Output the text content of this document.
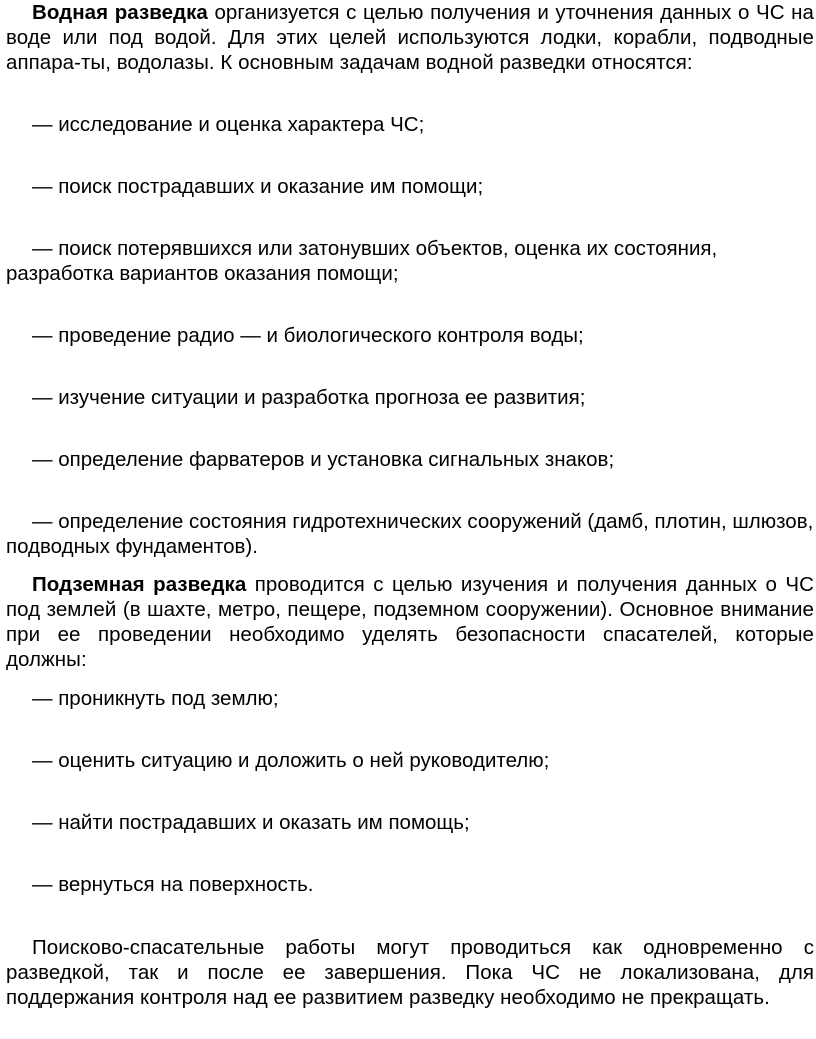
Водная разведка организуется с целью получения и уточнения данных о ЧС на воде или под водой. Для этих целей используются лодки, корабли, подводные аппара-ты, водолазы. К основным задачам водной разведки относятся:

— исследование и оценка характера ЧС;

— поиск пострадавших и оказание им помощи;

— поиск потерявшихся или затонувших объектов, оценка их состояния, разработка вариантов оказания помощи;

— проведение радио — и биологического контроля воды;

— изучение ситуации и разработка прогноза ее развития;

— определение фарватеров и установка сигнальных знаков;

— определение состояния гидротехнических сооружений (дамб, плотин, шлюзов, подводных фундаментов).

Подземная разведка проводится с целью изучения и получения данных о ЧС под землей (в шахте, метро, пещере, подземном сооружении). Основное внимание при ее проведении необходимо уделять безопасности спасателей, которые должны:

— проникнуть под землю;

— оценить ситуацию и доложить о ней руководителю;

— найти пострадавших и оказать им помощь;

— вернуться на поверхность.

Поисково-спасательные работы могут проводиться как одновременно с разведкой, так и после ее завершения. Пока ЧС не локализована, для поддержания контроля над ее развитием разведку необходимо не прекращать.
